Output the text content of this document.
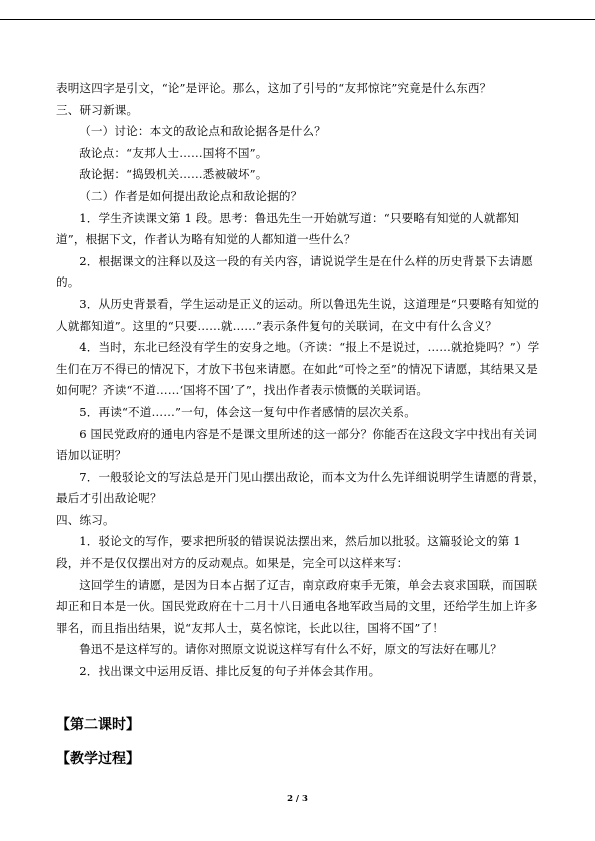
表明这四字是引文，“论”是评论。那么，这加了引号的“友邦惊诧”究竟是什么东西？

三、研习新课。

（一）讨论：本文的敌论点和敌论据各是什么？

敌论点：“友邦人士……国将不国”。

敌论据：“捣毁机关……悉被破坏”。

（二）作者是如何提出敌论点和敌论据的？

1．学生齐读课文第 1 段。思考：鲁迅先生一开始就写道：“只要略有知觉的人就都知道”，根据下文，作者认为略有知觉的人都知道一些什么？

2．根据课文的注释以及这一段的有关内容，请说说学生是在什么样的历史背景下去请愿的。

3．从历史背景看，学生运动是正义的运动。所以鲁迅先生说，这道理是“只要略有知觉的人就都知道”。这里的“只要……就……”表示条件复句的关联词，在文中有什么含义？

4．当时，东北已经没有学生的安身之地。（齐读：“报上不是说过，……就抢毙吗？”）学生们在万不得已的情况下，才放下书包来请愿。在如此“可怜之至”的情况下请愿，其结果又是如何呢？齐读“不道……‘国将不国’了”，找出作者表示愤慨的关联词语。

5．再读“不道……”一句，体会这一复句中作者感情的层次关系。

6 国民党政府的通电内容是不是课文里所述的这一部分？你能否在这段文字中找出有关词语加以证明？

7．一般驳论文的写法总是开门见山摆出敌论，而本文为什么先详细说明学生请愿的背景，最后才引出敌论呢？

四、练习。

1．驳论文的写作，要求把所驳的错误说法摆出来，然后加以批驳。这篇驳论文的第 1 段，并不是仅仅摆出对方的反动观点。如果是，完全可以这样来写：

这回学生的请愿，是因为日本占据了辽吉，南京政府束手无策，单会去哀求国联，而国联却正和日本是一伙。国民党政府在十二月十八日通电各地军政当局的文里，还给学生加上许多罪名，而且指出结果，说“友邦人士，莫名惊诧，长此以往，国将不国”了！

鲁迅不是这样写的。请你对照原文说说这样写有什么不好，原文的写法好在哪儿？

2．找出课文中运用反语、排比反复的句子并体会其作用。

【第二课时】

【教学过程】

2 / 3
